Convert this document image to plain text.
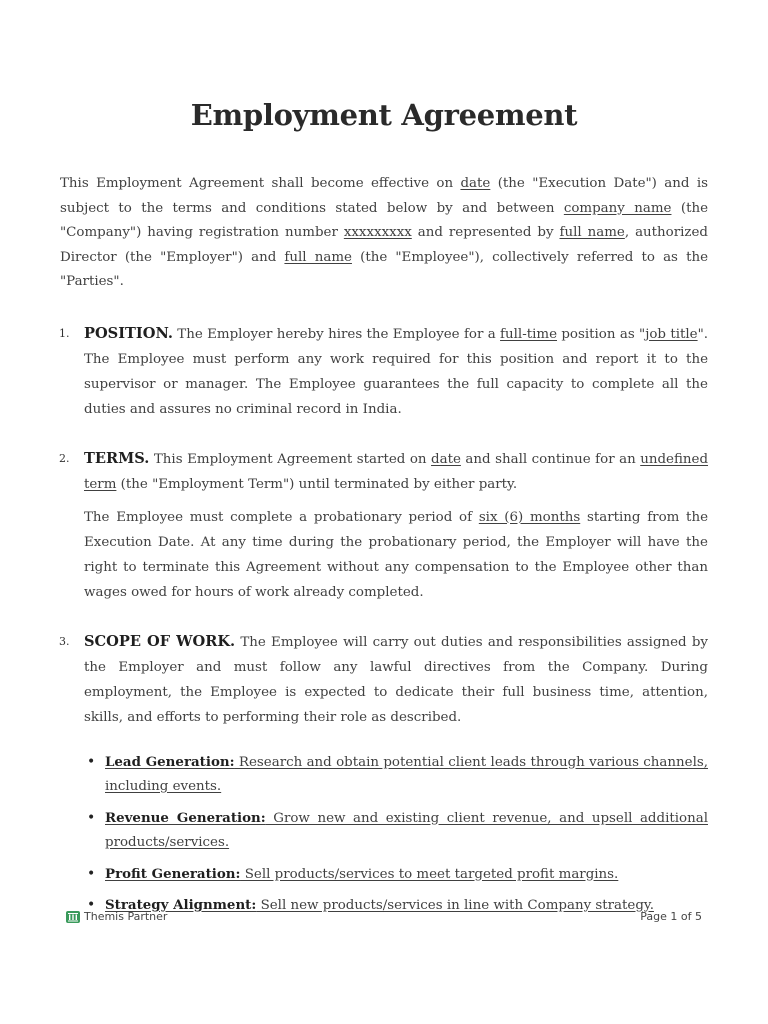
Employment Agreement

This Employment Agreement shall become effective on date (the "Execution Date") and is subject to the terms and conditions stated below by and between company name (the "Company") having registration number xxxxxxxxx and represented by full name, authorized Director (the "Employer") and full name (the "Employee"), collectively referred to as the "Parties".

1. POSITION. The Employer hereby hires the Employee for a full-time position as "job title". The Employee must perform any work required for this position and report it to the supervisor or manager. The Employee guarantees the full capacity to complete all the duties and assures no criminal record in India.
2. TERMS. This Employment Agreement started on date and shall continue for an undefined term (the "Employment Term") until terminated by either party.
The Employee must complete a probationary period of six (6) months starting from the Execution Date. At any time during the probationary period, the Employer will have the right to terminate this Agreement without any compensation to the Employee other than wages owed for hours of work already completed.
3. SCOPE OF WORK. The Employee will carry out duties and responsibilities assigned by the Employer and must follow any lawful directives from the Company. During employment, the Employee is expected to dedicate their full business time, attention, skills, and efforts to performing their role as described.
• Lead Generation: Research and obtain potential client leads through various channels, including events.
• Revenue Generation: Grow new and existing client revenue, and upsell additional products/services.
• Profit Generation: Sell products/services to meet targeted profit margins.
• Strategy Alignment: Sell new products/services in line with Company strategy.
Themis Partner	Page 1 of 5
